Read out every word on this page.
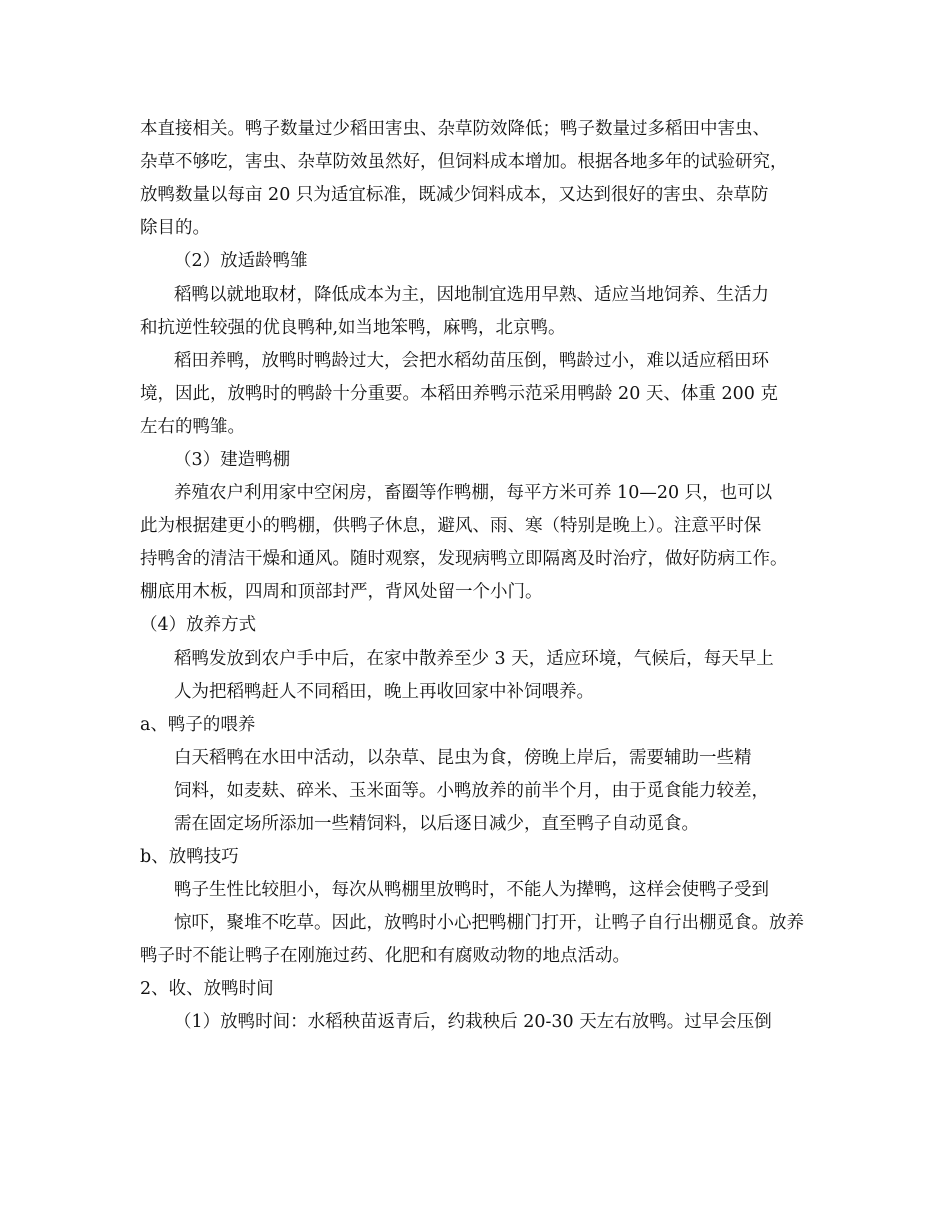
本直接相关。鸭子数量过少稻田害虫、杂草防效降低；鸭子数量过多稻田中害虫、
杂草不够吃，害虫、杂草防效虽然好，但饲料成本增加。根据各地多年的试验研究，
放鸭数量以每亩 20 只为适宜标准，既减少饲料成本，又达到很好的害虫、杂草防
除目的。
（2）放适龄鸭雏
稻鸭以就地取材，降低成本为主，因地制宜选用早熟、适应当地饲养、生活力
和抗逆性较强的优良鸭种,如当地笨鸭，麻鸭，北京鸭。
稻田养鸭，放鸭时鸭龄过大，会把水稻幼苗压倒，鸭龄过小，难以适应稻田环
境，因此，放鸭时的鸭龄十分重要。本稻田养鸭示范采用鸭龄 20 天、体重 200 克
左右的鸭雏。
（3）建造鸭棚
养殖农户利用家中空闲房，畜圈等作鸭棚，每平方米可养 10—20 只，也可以
此为根据建更小的鸭棚，供鸭子休息，避风、雨、寒（特别是晚上）。注意平时保
持鸭舍的清洁干燥和通风。随时观察，发现病鸭立即隔离及时治疗，做好防病工作。
棚底用木板，四周和顶部封严，背风处留一个小门。
（4）放养方式
稻鸭发放到农户手中后，在家中散养至少 3 天，适应环境，气候后，每天早上
人为把稻鸭赶人不同稻田，晚上再收回家中补饲喂养。
a、鸭子的喂养
白天稻鸭在水田中活动，以杂草、昆虫为食，傍晚上岸后，需要辅助一些精
饲料，如麦麸、碎米、玉米面等。小鸭放养的前半个月，由于觅食能力较差，
需在固定场所添加一些精饲料，以后逐日减少，直至鸭子自动觅食。
b、放鸭技巧
鸭子生性比较胆小，每次从鸭棚里放鸭时，不能人为撵鸭，这样会使鸭子受到
惊吓，聚堆不吃草。因此，放鸭时小心把鸭棚门打开，让鸭子自行出棚觅食。放养
鸭子时不能让鸭子在刚施过药、化肥和有腐败动物的地点活动。
2、收、放鸭时间
（1）放鸭时间：水稻秧苗返青后，约栽秧后 20-30 天左右放鸭。过早会压倒
